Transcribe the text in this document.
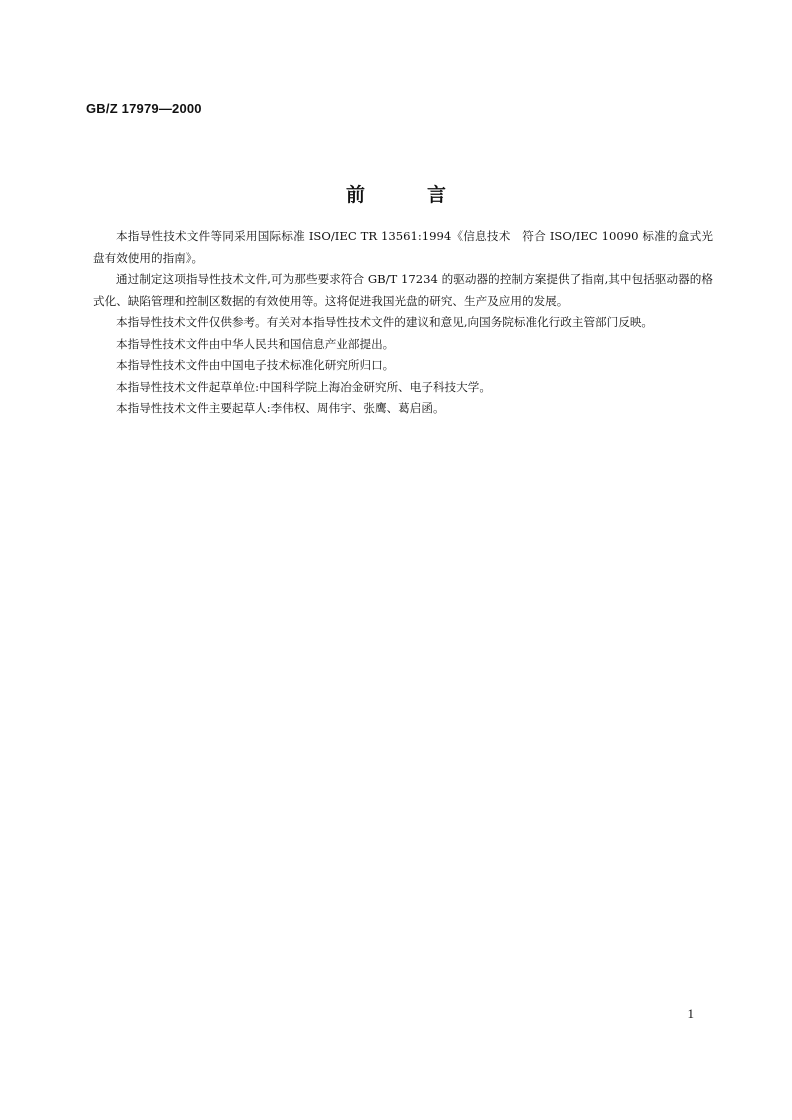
GB/Z 17979—2000
前言

本指导性技术文件等同采用国际标准 ISO/IEC TR 13561:1994《信息技术　符合 ISO/IEC 10090 标准的盒式光盘有效使用的指南》。

通过制定这项指导性技术文件,可为那些要求符合 GB/T 17234 的驱动器的控制方案提供了指南,其中包括驱动器的格式化、缺陷管理和控制区数据的有效使用等。这将促进我国光盘的研究、生产及应用的发展。

本指导性技术文件仅供参考。有关对本指导性技术文件的建议和意见,向国务院标准化行政主管部门反映。

本指导性技术文件由中华人民共和国信息产业部提出。

本指导性技术文件由中国电子技术标准化研究所归口。

本指导性技术文件起草单位:中国科学院上海冶金研究所、电子科技大学。

本指导性技术文件主要起草人:李伟权、周伟宇、张鹰、葛启函。

1
